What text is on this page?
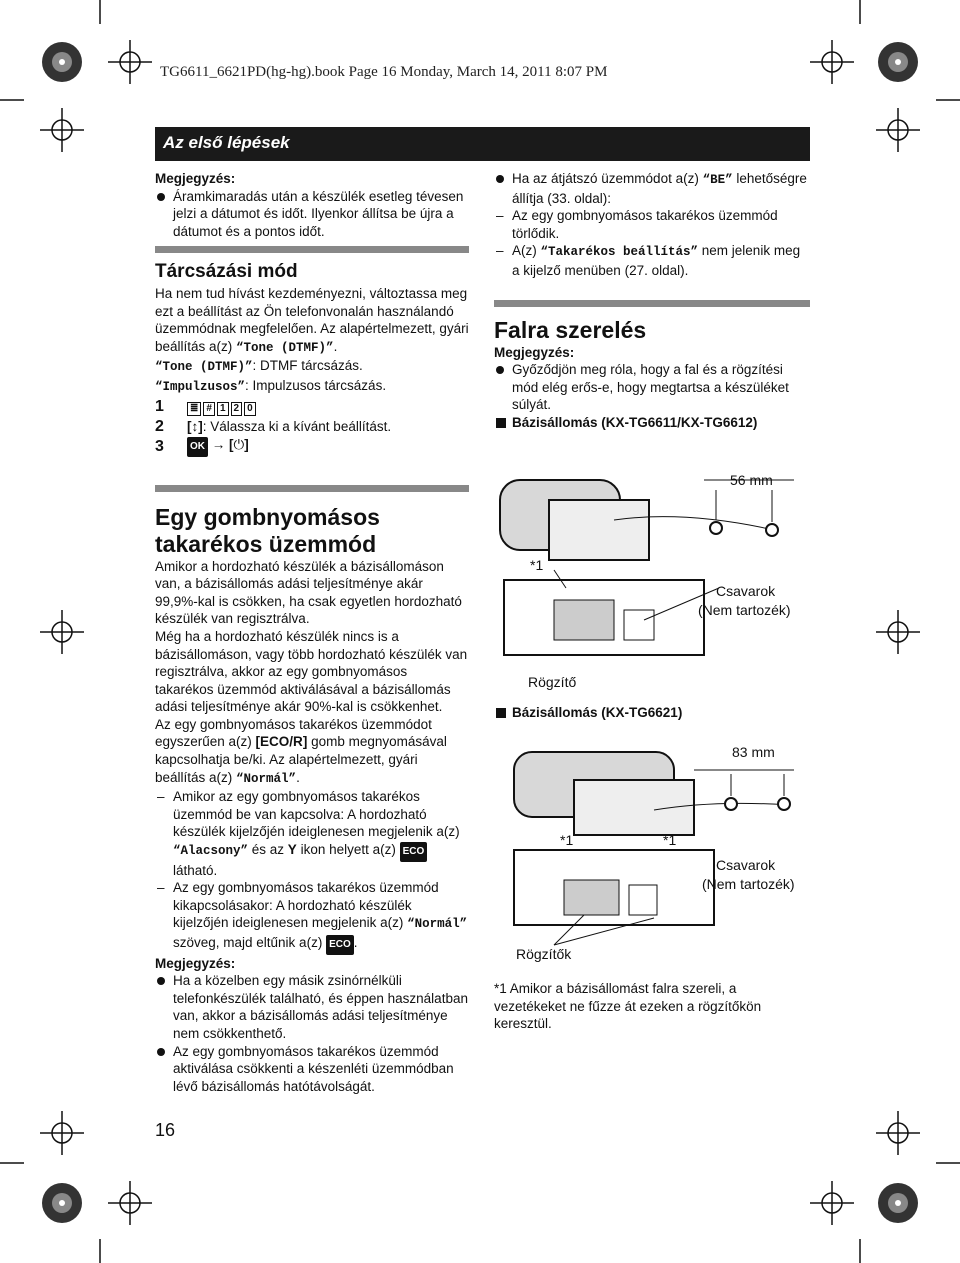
TG6611_6621PD(hg-hg).book Page 16 Monday, March 14, 2011 8:07 PM
Az első lépések
Megjegyzés:
Áramkimaradás után a készülék esetleg tévesen jelzi a dátumot és időt. Ilyenkor állítsa be újra a dátumot és a pontos időt.
Tárcsázási mód
Ha nem tud hívást kezdeményezni, változtassa meg ezt a beállítást az Ön telefonvonalán használandó üzemmódnak megfelelően. Az alapértelmezett, gyári beállítás a(z) “Tone (DTMF)”.
“Tone (DTMF)”: DTMF tárcsázás.
“Impulzusos”: Impulzusos tárcsázás.
1	≣ # 1 2 0
2	[↕]: Válassza ki a kívánt beállítást.
3	OK → [⏻]
Egy gombnyomásos takarékos üzemmód
Amikor a hordozható készülék a bázisállomáson van, a bázisállomás adási teljesítménye akár 99,9%-kal is csökken, ha csak egyetlen hordozható készülék van regisztrálva.
Még ha a hordozható készülék nincs is a bázisállomáson, vagy több hordozható készülék van regisztrálva, akkor az egy gombnyomásos takarékos üzemmód aktiválásával a bázisállomás adási teljesítménye akár 90%-kal is csökkenhet.
Az egy gombnyomásos takarékos üzemmódot egyszerűen a(z) [ECO/R] gomb megnyomásával kapcsolhatja be/ki. Az alapértelmezett, gyári beállítás a(z) “Normál”.
– Amikor az egy gombnyomásos takarékos üzemmód be van kapcsolva: A hordozható készülék kijelzőjén ideiglenesen megjelenik a(z) “Alacsony” és az Y ikon helyett a(z) ECO látható.
– Az egy gombnyomásos takarékos üzemmód kikapcsolásakor: A hordozható készülék kijelzőjén ideiglenesen megjelenik a(z) “Normál” szöveg, majd eltűnik a(z) ECO .
Megjegyzés:
Ha a közelben egy másik zsinórnélküli telefonkészülék található, és éppen használatban van, akkor a bázisállomás adási teljesítménye nem csökkenthető.
Az egy gombnyomásos takarékos üzemmód aktiválása csökkenti a készenléti üzemmódban lévő bázisállomás hatótávolságát.
16
Ha az átjátszó üzemmódot a(z) “BE” lehetőségre állítja (33. oldal):
– Az egy gombnyomásos takarékos üzemmód törlődik.
– A(z) “Takarékos beállítás” nem jelenik meg a kijelző menüben (27. oldal).
Falra szerelés
Megjegyzés:
Győződjön meg róla, hogy a fal és a rögzítési mód elég erős-e, hogy megtartsa a készüléket súlyát.
Bázisállomás (KX-TG6611/KX-TG6612)
56 mm
*1
Csavarok
(Nem tartozék)
Rögzítő
Bázisállomás (KX-TG6621)
83 mm
*1	*1
Csavarok
(Nem tartozék)
Rögzítők
*1 Amikor a bázisállomást falra szereli, a vezetékeket ne fűzze át ezeken a rögzítőkön keresztül.
